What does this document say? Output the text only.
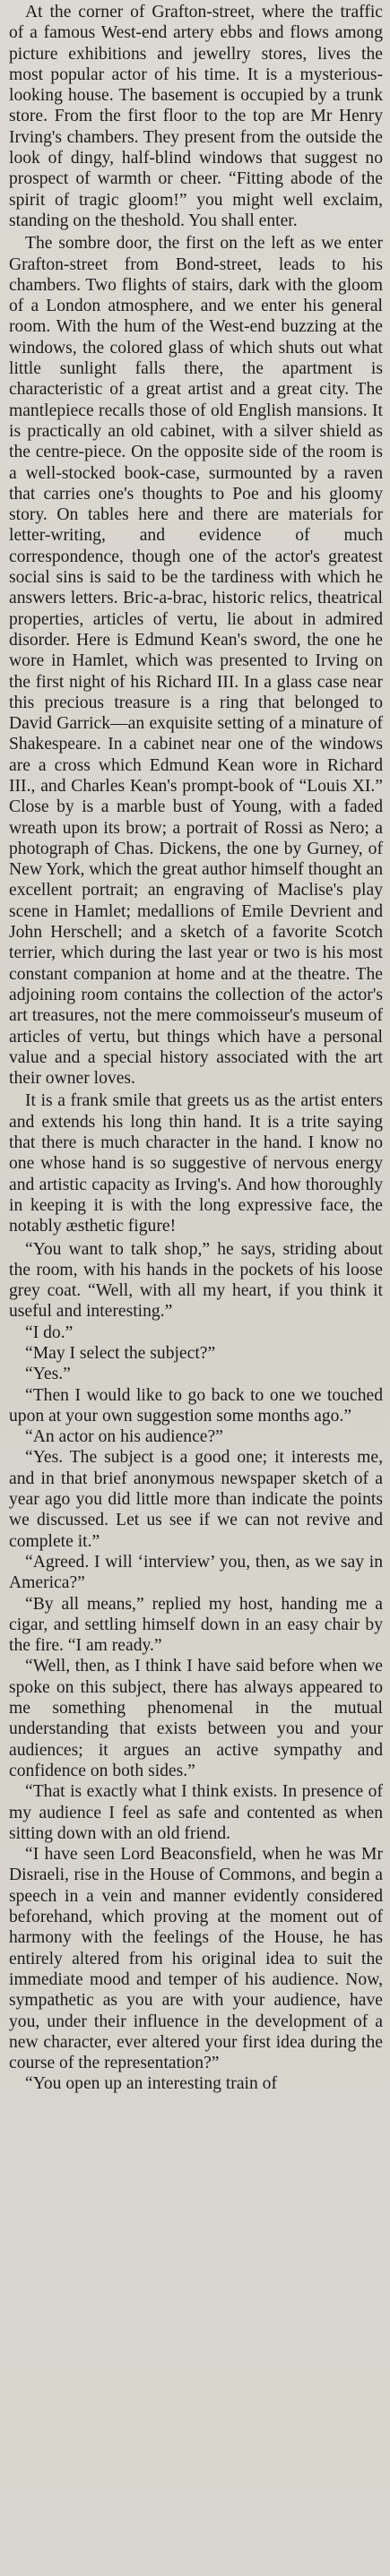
At the corner of Grafton-street, where the traffic of a famous West-end artery ebbs and flows among picture exhibitions and jewellry stores, lives the most popular actor of his time. It is a mysterious-looking house. The basement is occupied by a trunk store. From the first floor to the top are Mr Henry Irving's chambers. They present from the outside the look of dingy, half-blind windows that suggest no prospect of warmth or cheer. “Fitting abode of the spirit of tragic gloom!” you might well exclaim, standing on the theshold. You shall enter.

The sombre door, the first on the left as we enter Grafton-street from Bond-street, leads to his chambers. Two flights of stairs, dark with the gloom of a London atmosphere, and we enter his general room. With the hum of the West-end buzzing at the windows, the colored glass of which shuts out what little sunlight falls there, the apartment is characteristic of a great artist and a great city. The mantlepiece recalls those of old English mansions. It is practically an old cabinet, with a silver shield as the centre-piece. On the opposite side of the room is a well-stocked book-case, surmounted by a raven that carries one's thoughts to Poe and his gloomy story. On tables here and there are materials for letter-writing, and evidence of much correspondence, though one of the actor's greatest social sins is said to be the tardiness with which he answers letters. Bric-a-brac, historic relics, theatrical properties, articles of vertu, lie about in admired disorder. Here is Edmund Kean's sword, the one he wore in Hamlet, which was presented to Irving on the first night of his Richard III. In a glass case near this precious treasure is a ring that belonged to David Garrick—an exquisite setting of a minature of Shakespeare. In a cabinet near one of the windows are a cross which Edmund Kean wore in Richard III., and Charles Kean's prompt-book of “Louis XI.” Close by is a marble bust of Young, with a faded wreath upon its brow; a portrait of Rossi as Nero; a photograph of Chas. Dickens, the one by Gurney, of New York, which the great author himself thought an excellent portrait; an engraving of Maclise's play scene in Hamlet; medallions of Emile Devrient and John Herschell; and a sketch of a favorite Scotch terrier, which during the last year or two is his most constant companion at home and at the theatre. The adjoining room contains the collection of the actor's art treasures, not the mere commoisseur's museum of articles of vertu, but things which have a personal value and a special history associated with the art their owner loves.

It is a frank smile that greets us as the artist enters and extends his long thin hand. It is a trite saying that there is much character in the hand. I know no one whose hand is so suggestive of nervous energy and artistic capacity as Irving's. And how thoroughly in keeping it is with the long expressive face, the notably æsthetic figure!

“You want to talk shop,” he says, striding about the room, with his hands in the pockets of his loose grey coat. “Well, with all my heart, if you think it useful and interesting.”

“I do.”

“May I select the subject?”

“Yes.”

“Then I would like to go back to one we touched upon at your own suggestion some months ago.”

“An actor on his audience?”

“Yes. The subject is a good one; it interests me, and in that brief anonymous newspaper sketch of a year ago you did little more than indicate the points we discussed. Let us see if we can not revive and complete it.”

“Agreed. I will ‘interview’ you, then, as we say in America?”

“By all means,” replied my host, handing me a cigar, and settling himself down in an easy chair by the fire. “I am ready.”

“Well, then, as I think I have said before when we spoke on this subject, there has always appeared to me something phenomenal in the mutual understanding that exists between you and your audiences; it argues an active sympathy and confidence on both sides.”

“That is exactly what I think exists. In presence of my audience I feel as safe and contented as when sitting down with an old friend.

“I have seen Lord Beaconsfield, when he was Mr Disraeli, rise in the House of Commons, and begin a speech in a vein and manner evidently considered beforehand, which proving at the moment out of harmony with the feelings of the House, he has entirely altered from his original idea to suit the immediate mood and temper of his audience. Now, sympathetic as you are with your audience, have you, under their influence in the development of a new character, ever altered your first idea during the course of the representation?”

“You open up an interesting train of
